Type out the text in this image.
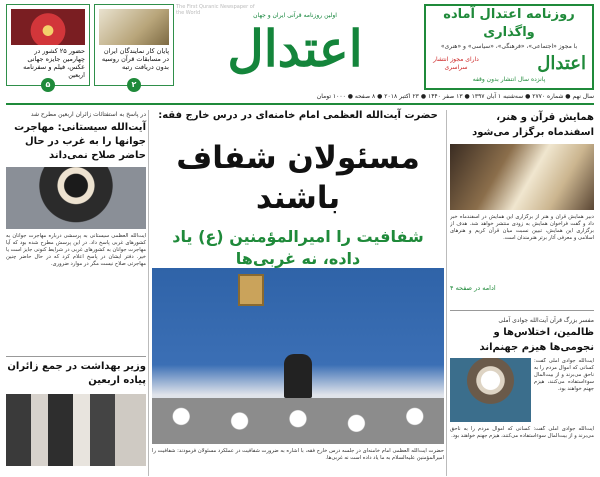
روزنامه اعتدال آماده واگذاری
با مجوز «اجتماعی»، «فرهنگی»، «سیاسی» و «هنری»
اعتدال
دارای مجوز انتشار سراسری
پانزده سال انتشار بدون وقفه
The First Quranic Newspaper of the World	اولین روزنامه قرآنی ایران و جهان
اعتدال
پایان کار نمایندگان ایران در مسابقات قرآن روسیه بدون دریافت رتبه
۲
حضور ۲۵ کشور در چهارمین جایزه جهانی عکس، فیلم و سفرنامه اربعین
۵
سال نهم ● شماره ۲۷۷۰ ● سه‌شنبه ۱ آبان ۱۳۹۷ ● ۱۳ صفر ۱۴۴۰ ● ۲۳ اکتبر ۲۰۱۸ ● ۸ صفحه ● ۱۰۰۰ تومان
همایش قرآن و هنر، اسفندماه برگزار می‌شود
دبیر همایش قرآن و هنر از برگزاری این همایش در اسفندماه خبر داد و گفت فراخوان همایش به زودی منتشر خواهد شد. هدف از برگزاری این همایش، تبیین نسبت میان قرآن کریم و هنرهای اسلامی و معرفی آثار برتر هنرمندان است.
ادامه در صفحه ۴
مفسر بزرگ قرآن آیت‌الله جوادی آملی
ظالمین، اختلاس‌ها و نجومی‌ها هیزم جهنم‌اند
آیت‌الله جوادی آملی گفت: کسانی که اموال مردم را به ناحق می‌برند و از بیت‌المال سوءاستفاده می‌کنند، هیزم جهنم خواهند بود.
آیت‌الله جوادی آملی گفت: کسانی که اموال مردم را به ناحق می‌برند و از بیت‌المال سوءاستفاده می‌کنند، هیزم جهنم خواهند بود.
حضرت آیت‌الله العظمی امام خامنه‌ای در درس خارج فقه:
مسئولان شفاف باشند
شفافیت را امیرالمؤمنین (ع) یاد داده، نه غربی‌ها
حضرت آیت‌الله العظمی امام خامنه‌ای در جلسه درس خارج فقه، با اشاره به ضرورت شفافیت در عملکرد مسئولان فرمودند: شفافیت را امیرالمؤمنین علیه‌السلام به ما یاد داده است نه غربی‌ها.
در پاسخ به استفتائات زائران اربعین مطرح شد
آیت‌الله سیستانی: مهاجرت جوانها را به غرب در حال حاضر صلاح نمی‌داند
آیت‌الله العظمی سیستانی به پرسشی درباره مهاجرت جوانان به کشورهای غربی پاسخ داد. در این پرسش مطرح شده بود که آیا مهاجرت جوانان به کشورهای غربی در شرایط کنونی جایز است یا خیر. دفتر ایشان در پاسخ اعلام کرد که در حال حاضر چنین مهاجرتی صلاح نیست مگر در موارد ضروری.
وزیر بهداشت در جمع زائران پیاده اربعین
